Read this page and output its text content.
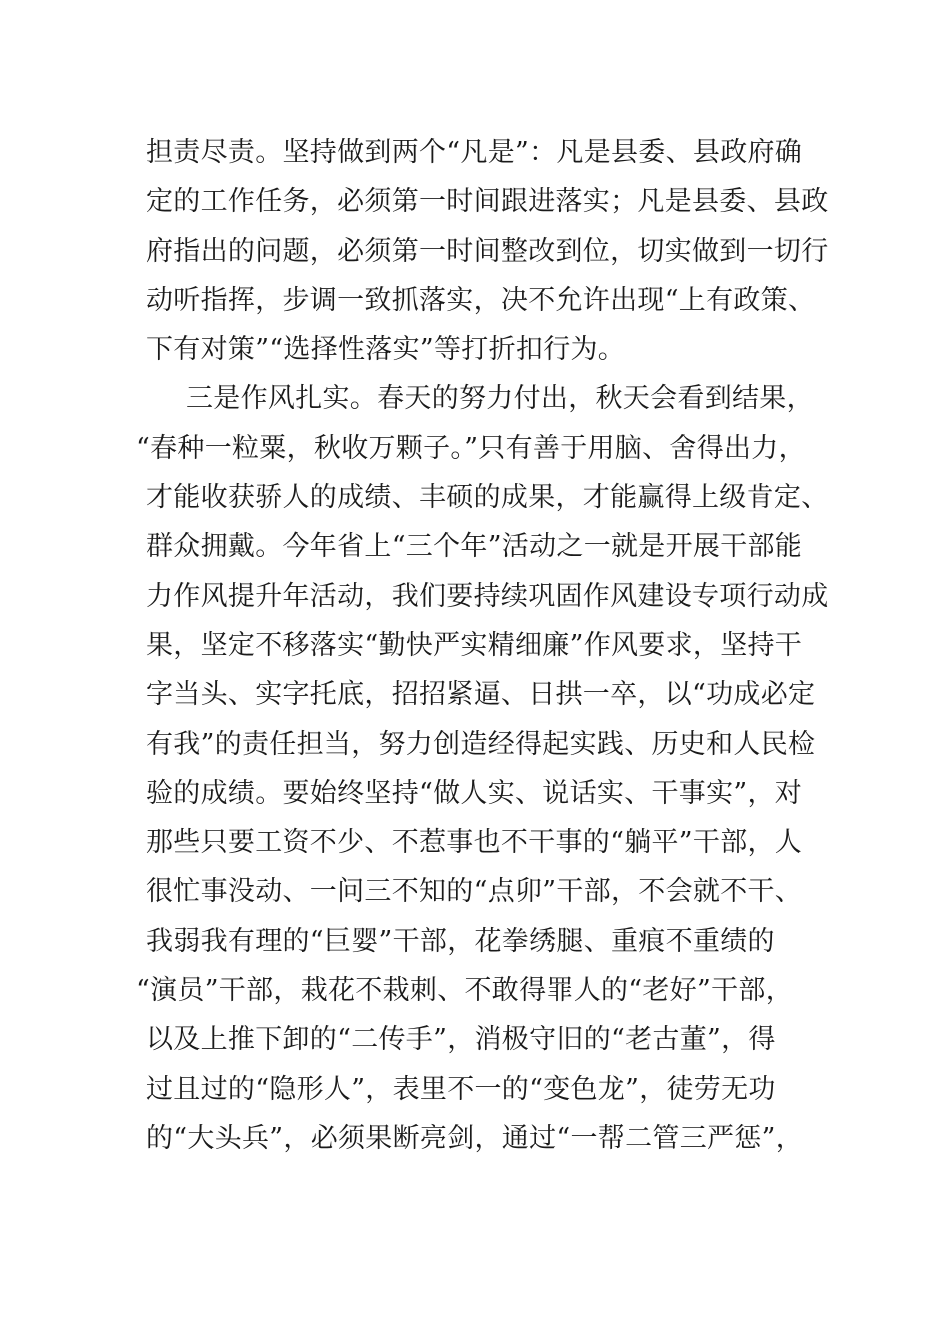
担责尽责。坚持做到两个“凡是”：凡是县委、县政府确
定的工作任务，必须第一时间跟进落实；凡是县委、县政
府指出的问题，必须第一时间整改到位，切实做到一切行
动听指挥，步调一致抓落实，决不允许出现“上有政策、
下有对策”“选择性落实”等打折扣行为。
三是作风扎实。春天的努力付出，秋天会看到结果，
“春种一粒粟，秋收万颗子。”只有善于用脑、舍得出力，
才能收获骄人的成绩、丰硕的成果，才能赢得上级肯定、
群众拥戴。今年省上“三个年”活动之一就是开展干部能
力作风提升年活动，我们要持续巩固作风建设专项行动成
果，坚定不移落实“勤快严实精细廉”作风要求，坚持干
字当头、实字托底，招招紧逼、日拱一卒，以“功成必定
有我”的责任担当，努力创造经得起实践、历史和人民检
验的成绩。要始终坚持“做人实、说话实、干事实”，对
那些只要工资不少、不惹事也不干事的“躺平”干部，人
很忙事没动、一问三不知的“点卯”干部，不会就不干、
我弱我有理的“巨婴”干部，花拳绣腿、重痕不重绩的
“演员”干部，栽花不栽刺、不敢得罪人的“老好”干部，
以及上推下卸的“二传手”，消极守旧的“老古董”，得
过且过的“隐形人”，表里不一的“变色龙”，徒劳无功
的“大头兵”，必须果断亮剑，通过“一帮二管三严惩”，
